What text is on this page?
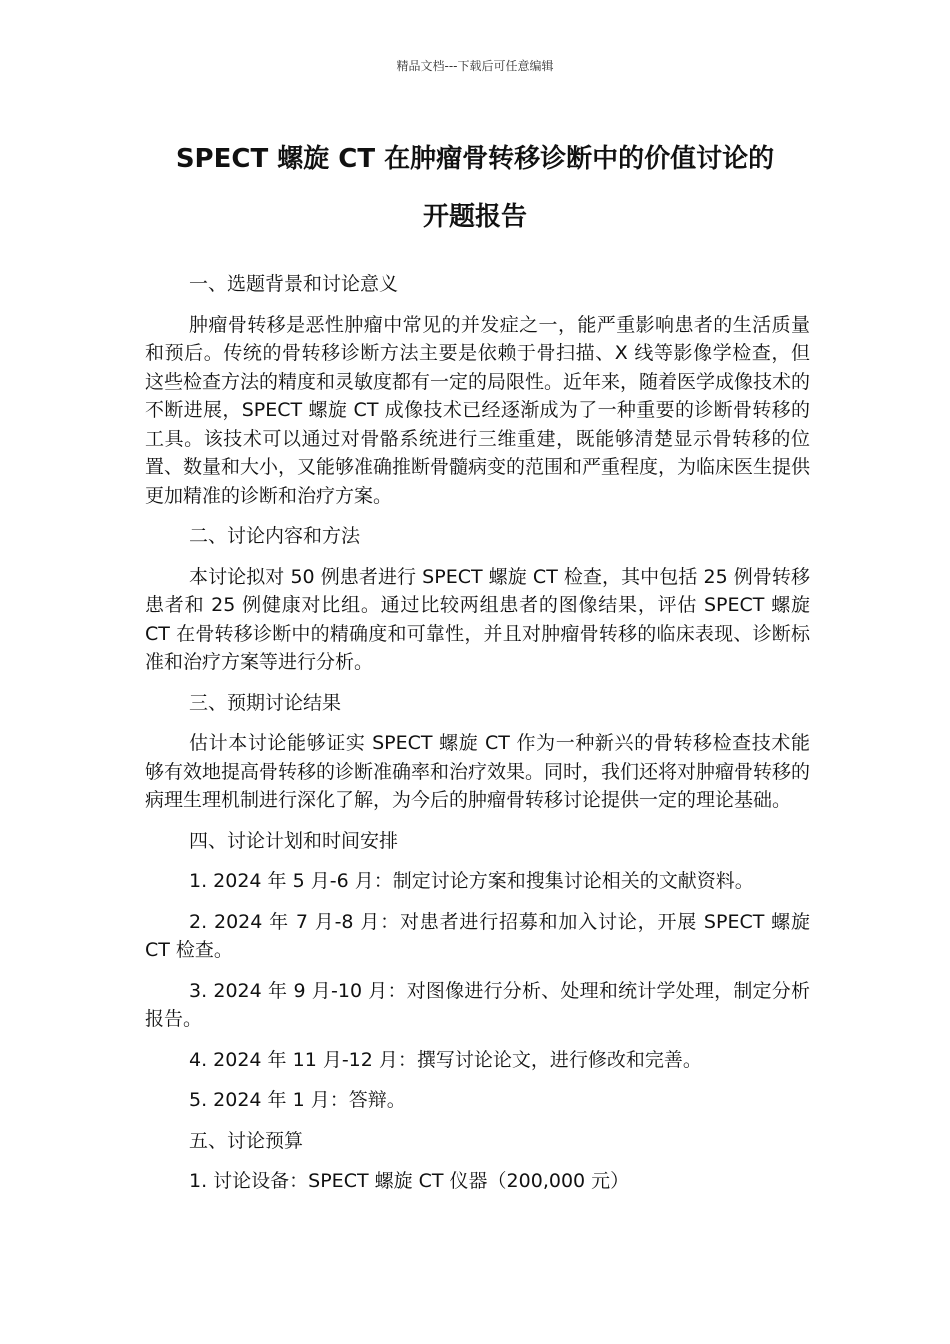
精品文档---下载后可任意编辑
SPECT 螺旋 CT 在肿瘤骨转移诊断中的价值讨论的
开题报告
一、选题背景和讨论意义

肿瘤骨转移是恶性肿瘤中常见的并发症之一，能严重影响患者的生活质量和预后。传统的骨转移诊断方法主要是依赖于骨扫描、X 线等影像学检查，但这些检查方法的精度和灵敏度都有一定的局限性。近年来，随着医学成像技术的不断进展，SPECT 螺旋 CT 成像技术已经逐渐成为了一种重要的诊断骨转移的工具。该技术可以通过对骨骼系统进行三维重建，既能够清楚显示骨转移的位置、数量和大小，又能够准确推断骨髓病变的范围和严重程度，为临床医生提供更加精准的诊断和治疗方案。

二、讨论内容和方法

本讨论拟对 50 例患者进行 SPECT 螺旋 CT 检查，其中包括 25 例骨转移患者和 25 例健康对比组。通过比较两组患者的图像结果，评估 SPECT 螺旋 CT 在骨转移诊断中的精确度和可靠性，并且对肿瘤骨转移的临床表现、诊断标准和治疗方案等进行分析。

三、预期讨论结果

估计本讨论能够证实 SPECT 螺旋 CT 作为一种新兴的骨转移检查技术能够有效地提高骨转移的诊断准确率和治疗效果。同时，我们还将对肿瘤骨转移的病理生理机制进行深化了解，为今后的肿瘤骨转移讨论提供一定的理论基础。

四、讨论计划和时间安排

1. 2024 年 5 月-6 月：制定讨论方案和搜集讨论相关的文献资料。

2. 2024 年 7 月-8 月：对患者进行招募和加入讨论，开展 SPECT 螺旋 CT 检查。

3. 2024 年 9 月-10 月：对图像进行分析、处理和统计学处理，制定分析报告。

4. 2024 年 11 月-12 月：撰写讨论论文，进行修改和完善。

5. 2024 年 1 月：答辩。

五、讨论预算

1. 讨论设备：SPECT 螺旋 CT 仪器（200,000 元）
